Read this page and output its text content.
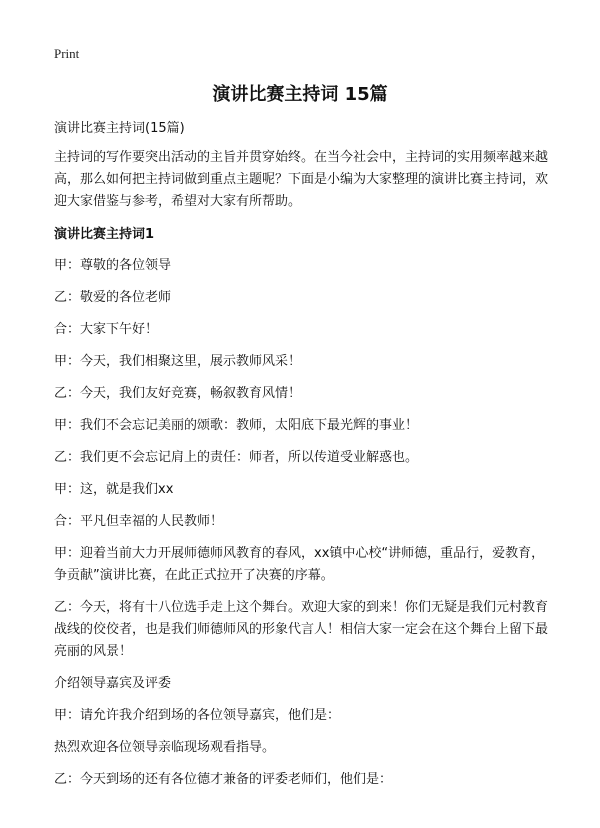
Print
演讲比赛主持词 15篇

演讲比赛主持词(15篇)

主持词的写作要突出活动的主旨并贯穿始终。在当今社会中，主持词的实用频率越来越高，那么如何把主持词做到重点主题呢？下面是小编为大家整理的演讲比赛主持词，欢迎大家借鉴与参考，希望对大家有所帮助。

演讲比赛主持词1

甲：尊敬的各位领导

乙：敬爱的各位老师

合：大家下午好！

甲：今天，我们相聚这里，展示教师风采！

乙：今天，我们友好竞赛，畅叙教育风情！

甲：我们不会忘记美丽的颂歌：教师，太阳底下最光辉的事业！

乙：我们更不会忘记肩上的责任：师者，所以传道受业解惑也。

甲：这，就是我们xx

合：平凡但幸福的人民教师！

甲：迎着当前大力开展师德师风教育的春风，xx镇中心校“讲师德，重品行，爱教育，争贡献”演讲比赛，在此正式拉开了决赛的序幕。

乙：今天，将有十八位选手走上这个舞台。欢迎大家的到来！你们无疑是我们元村教育战线的佼佼者，也是我们师德师风的形象代言人！相信大家一定会在这个舞台上留下最亮丽的风景！

介绍领导嘉宾及评委

甲：请允许我介绍到场的各位领导嘉宾，他们是：

热烈欢迎各位领导亲临现场观看指导。

乙：今天到场的还有各位德才兼备的评委老师们，他们是：
